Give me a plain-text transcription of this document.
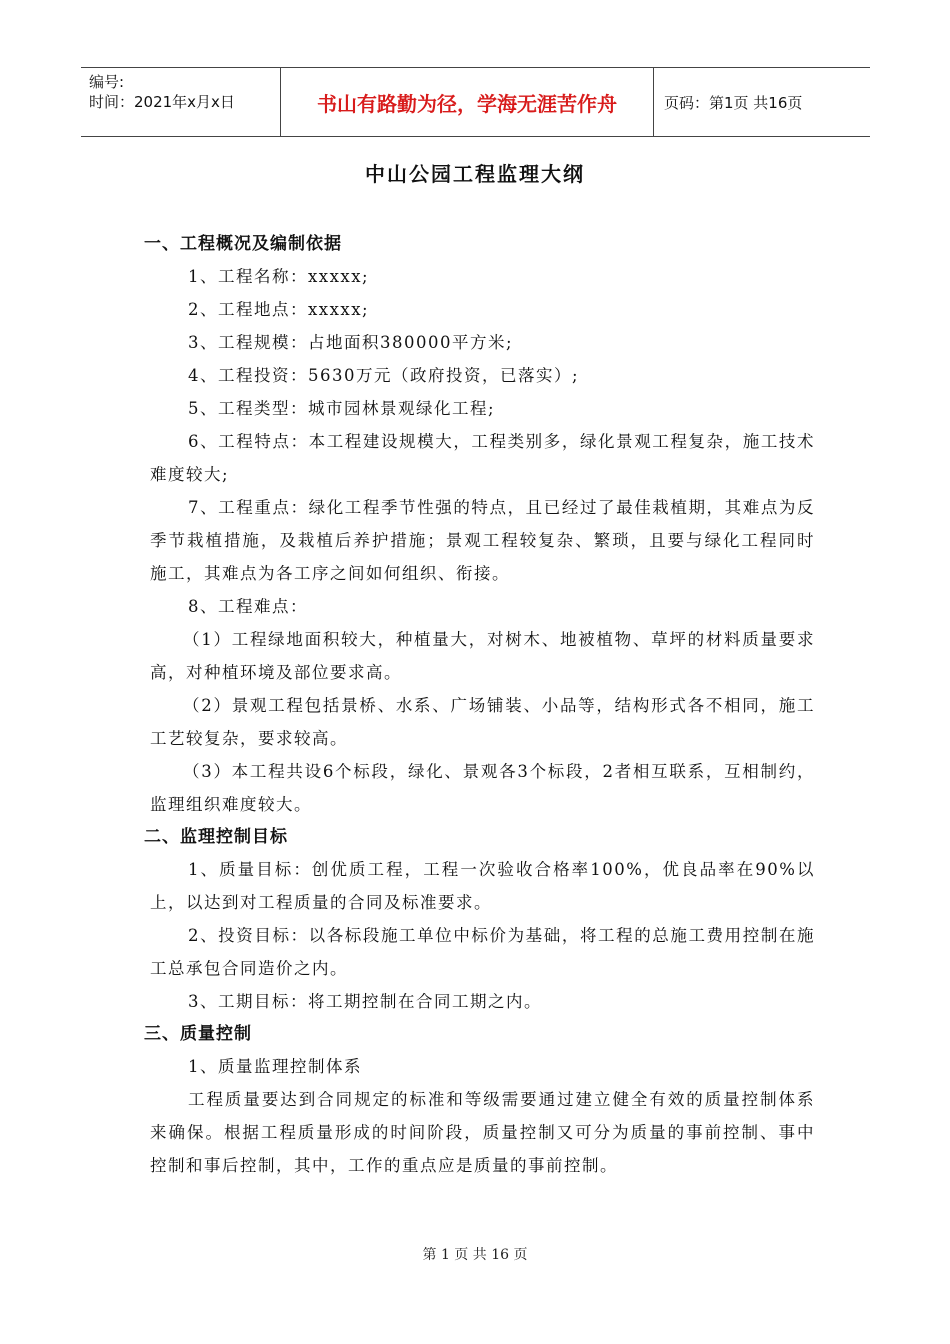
编号:
时间：2021年x月x日	书山有路勤为径，学海无涯苦作舟	页码：第1页 共16页
中山公园工程监理大纲
一、工程概况及编制依据
1、工程名称：xxxxx;
2、工程地点：xxxxx;
3、工程规模：占地面积380000平方米;
4、工程投资：5630万元（政府投资，已落实）;
5、工程类型：城市园林景观绿化工程;
6、工程特点：本工程建设规模大，工程类别多，绿化景观工程复杂，施工技术难度较大;
7、工程重点：绿化工程季节性强的特点，且已经过了最佳栽植期，其难点为反季节栽植措施，及栽植后养护措施；景观工程较复杂、繁琐，且要与绿化工程同时施工，其难点为各工序之间如何组织、衔接。
8、工程难点：
（1）工程绿地面积较大，种植量大，对树木、地被植物、草坪的材料质量要求高，对种植环境及部位要求高。
（2）景观工程包括景桥、水系、广场铺装、小品等，结构形式各不相同，施工工艺较复杂，要求较高。
（3）本工程共设6个标段，绿化、景观各3个标段，2者相互联系，互相制约，监理组织难度较大。
二、监理控制目标
1、质量目标：创优质工程，工程一次验收合格率100%，优良品率在90%以上，以达到对工程质量的合同及标准要求。
2、投资目标：以各标段施工单位中标价为基础，将工程的总施工费用控制在施工总承包合同造价之内。
3、工期目标：将工期控制在合同工期之内。
三、质量控制
1、质量监理控制体系
工程质量要达到合同规定的标准和等级需要通过建立健全有效的质量控制体系来确保。根据工程质量形成的时间阶段，质量控制又可分为质量的事前控制、事中控制和事后控制，其中，工作的重点应是质量的事前控制。
第 1 页 共 16 页
